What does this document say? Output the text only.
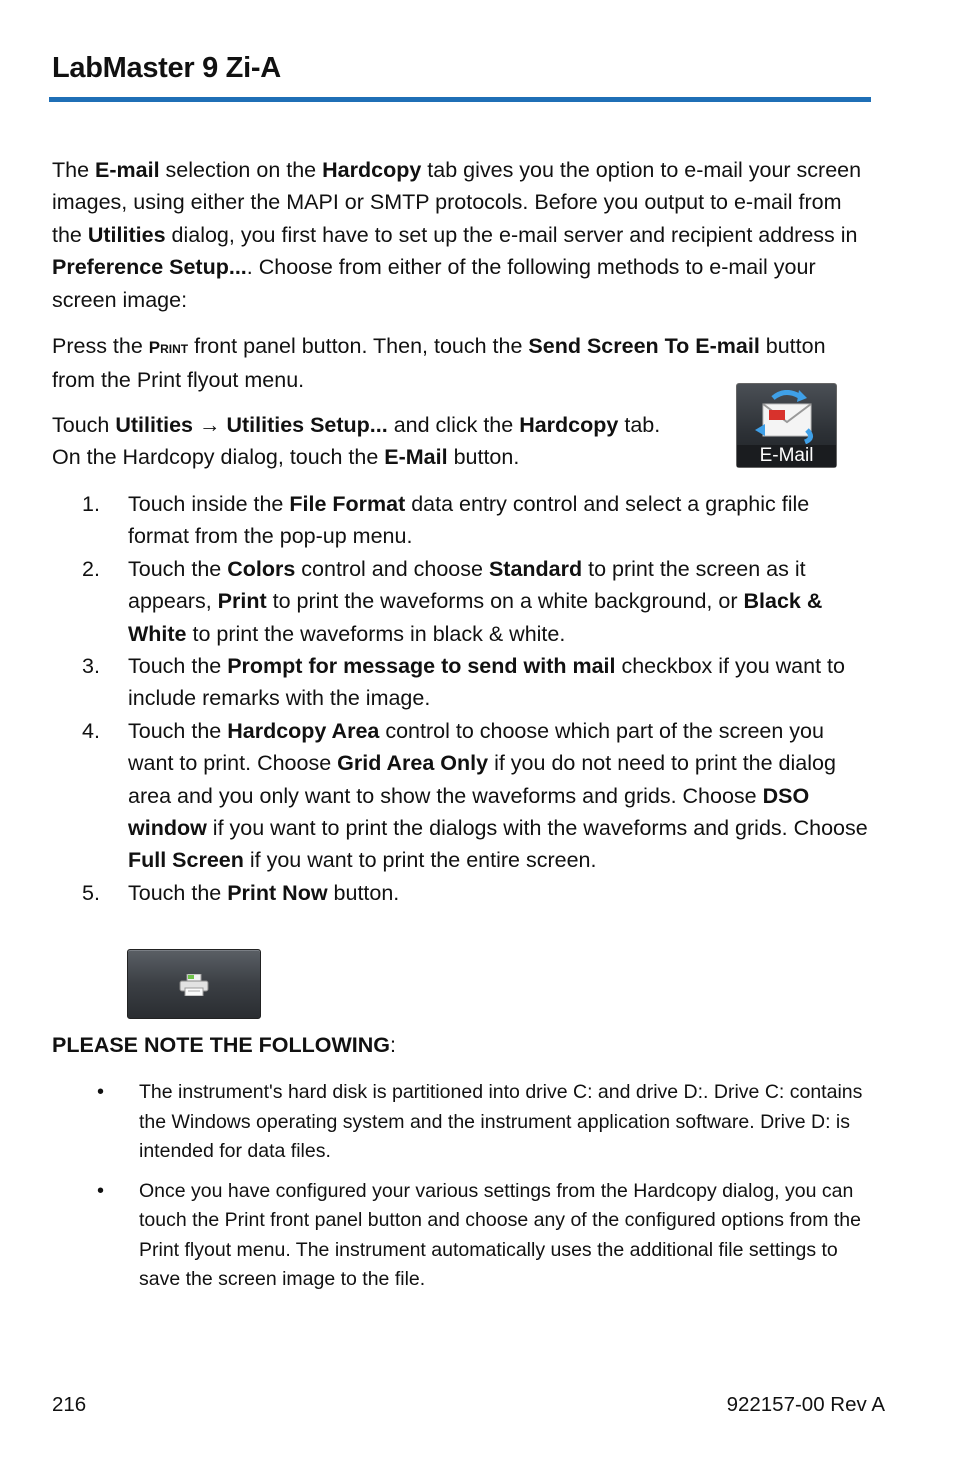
LabMaster 9 Zi-A
The E-mail selection on the Hardcopy tab gives you the option to e-mail your screen images, using either the MAPI or SMTP protocols. Before you output to e-mail from the Utilities dialog, you first have to set up the e-mail server and recipient address in Preference Setup.... Choose from either of the following methods to e-mail your screen image:
Press the Print front panel button. Then, touch the Send Screen To E-mail button from the Print flyout menu.
Touch Utilities → Utilities Setup... and click the Hardcopy tab. On the Hardcopy dialog, touch the E-Mail button.	E-Mail
1. Touch inside the File Format data entry control and select a graphic file format from the pop-up menu.
2. Touch the Colors control and choose Standard to print the screen as it appears, Print to print the waveforms on a white background, or Black & White to print the waveforms in black & white.
3. Touch the Prompt for message to send with mail checkbox if you want to include remarks with the image.
4. Touch the Hardcopy Area control to choose which part of the screen you want to print. Choose Grid Area Only if you do not need to print the dialog area and you only want to show the waveforms and grids. Choose DSO window if you want to print the dialogs with the waveforms and grids. Choose Full Screen if you want to print the entire screen.
5. Touch the Print Now button.
PLEASE NOTE THE FOLLOWING:
• The instrument's hard disk is partitioned into drive C: and drive D:. Drive C: contains the Windows operating system and the instrument application software. Drive D: is intended for data files.
• Once you have configured your various settings from the Hardcopy dialog, you can touch the Print front panel button and choose any of the configured options from the Print flyout menu. The instrument automatically uses the additional file settings to save the screen image to the file.
216	922157-00 Rev A
